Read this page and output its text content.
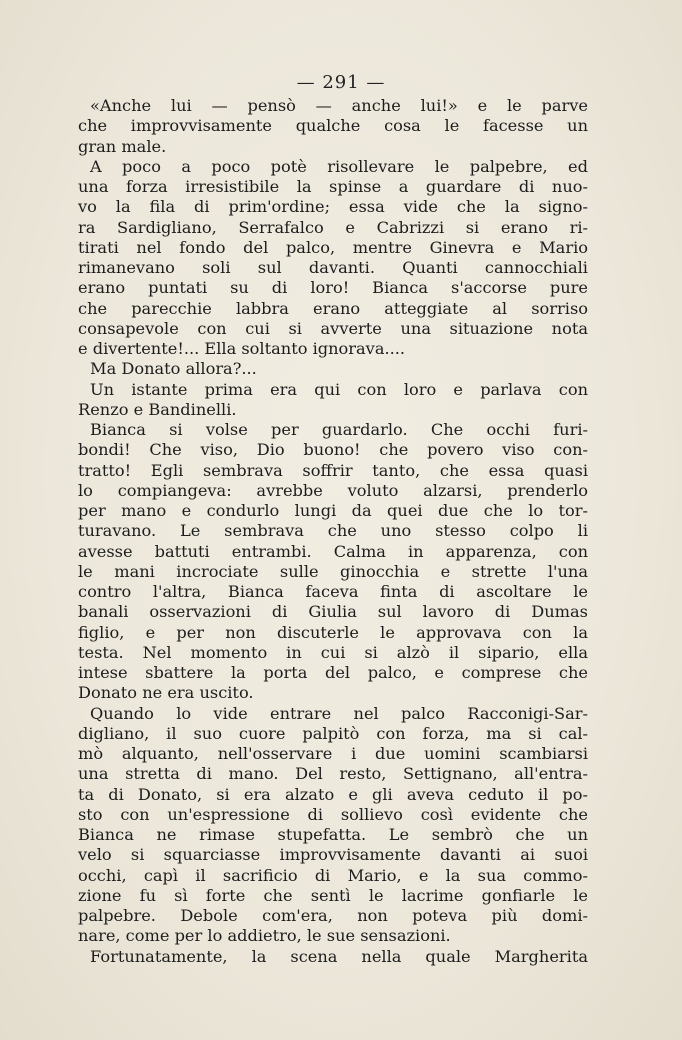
— 291 —
«Anche lui — pensò — anche lui!» e le parve
che improvvisamente qualche cosa le facesse un
gran male.
A poco a poco potè risollevare le palpebre, ed
una forza irresistibile la spinse a guardare di nuo-
vo la fila di prim'ordine; essa vide che la signo-
ra Sardigliano, Serrafalco e Cabrizzi si erano ri-
tirati nel fondo del palco, mentre Ginevra e Mario
rimanevano soli sul davanti. Quanti cannocchiali
erano puntati su di loro! Bianca s'accorse pure
che parecchie labbra erano atteggiate al sorriso
consapevole con cui si avverte una situazione nota
e divertente!... Ella soltanto ignorava....
Ma Donato allora?...
Un istante prima era qui con loro e parlava con
Renzo e Bandinelli.
Bianca si volse per guardarlo. Che occhi furi-
bondi! Che viso, Dio buono! che povero viso con-
tratto! Egli sembrava soffrir tanto, che essa quasi
lo compiangeva: avrebbe voluto alzarsi, prenderlo
per mano e condurlo lungi da quei due che lo tor-
turavano. Le sembrava che uno stesso colpo li
avesse battuti entrambi. Calma in apparenza, con
le mani incrociate sulle ginocchia e strette l'una
contro l'altra, Bianca faceva finta di ascoltare le
banali osservazioni di Giulia sul lavoro di Dumas
figlio, e per non discuterle le approvava con la
testa. Nel momento in cui si alzò il sipario, ella
intese sbattere la porta del palco, e comprese che
Donato ne era uscito.
Quando lo vide entrare nel palco Racconigi-Sar-
digliano, il suo cuore palpitò con forza, ma si cal-
mò alquanto, nell'osservare i due uomini scambiarsi
una stretta di mano. Del resto, Settignano, all'entra-
ta di Donato, si era alzato e gli aveva ceduto il po-
sto con un'espressione di sollievo così evidente che
Bianca ne rimase stupefatta. Le sembrò che un
velo si squarciasse improvvisamente davanti ai suoi
occhi, capì il sacrificio di Mario, e la sua commo-
zione fu sì forte che sentì le lacrime gonfiarle le
palpebre. Debole com'era, non poteva più domi-
nare, come per lo addietro, le sue sensazioni.
Fortunatamente, la scena nella quale Margherita
